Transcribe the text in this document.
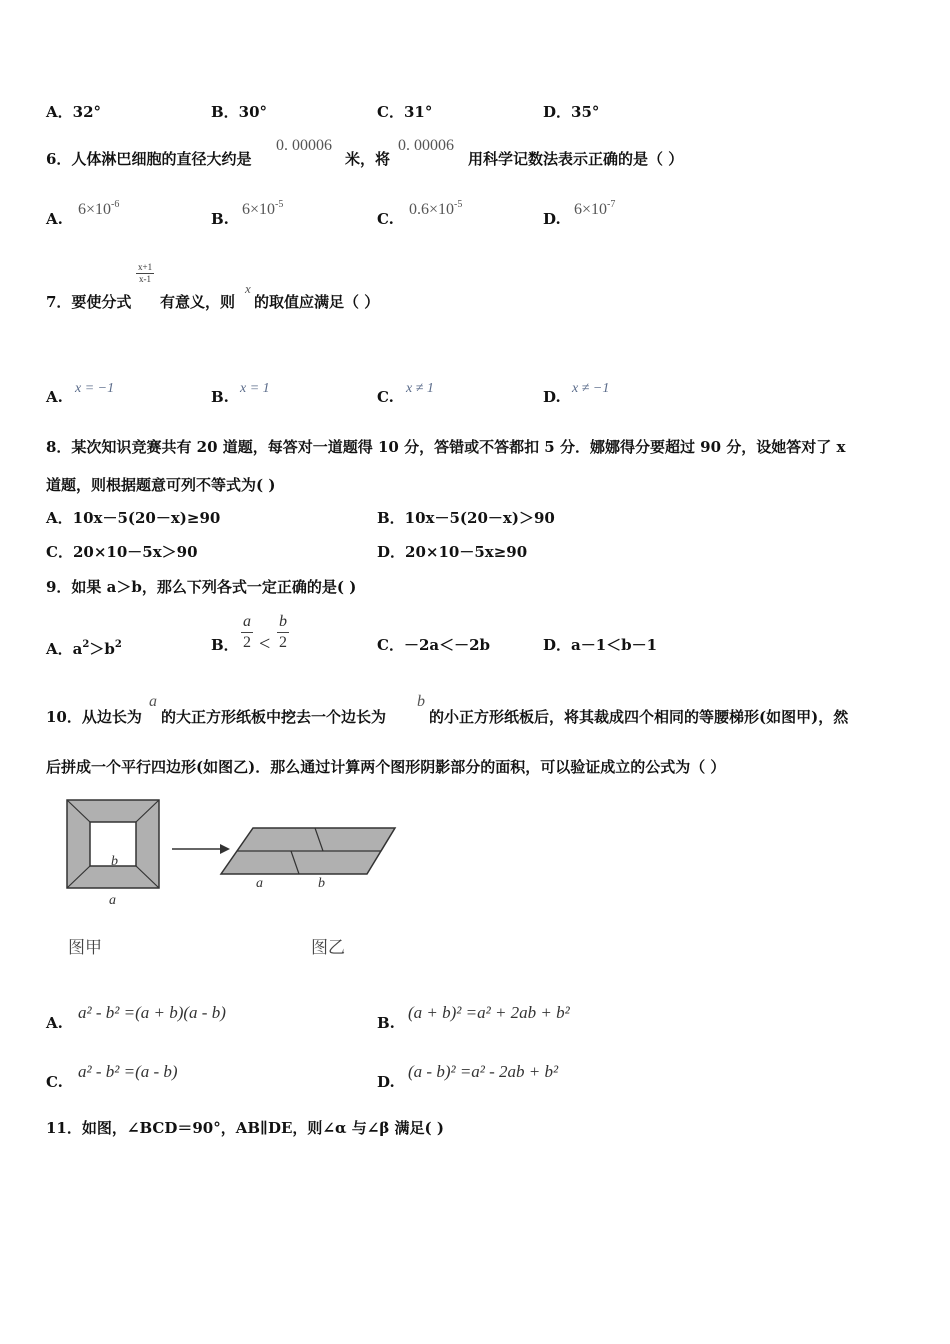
A．32°	B．30°	C．31°	D．35°
6．人体淋巴细胞的直径大约是
0. 00006
米，将
0. 00006
用科学记数法表示正确的是（ ）
A.
$6\times 10^{-6}$
B.
$6\times 10^{-5}$
C.
$0.6\times 10^{-5}$
D.
$6\times 10^{-7}$
7．要使分式
$\frac{x+1}{x-1}$
有意义，则
x
的取值应满足（ ）
A. x = −1	B. x = 1	C. x ≠ 1	D. x ≠ −1
8．某次知识竞赛共有 20 道题，每答对一道题得 10 分，答错或不答都扣 5 分．娜娜得分要超过 90 分，设她答对了 x
道题，则根据题意可列不等式为( )
A．10x－5(20－x)≥90	B．10x－5(20－x)＞90
C．20×10－5x＞90	D．20×10－5x≥90
9．如果 a＞b，那么下列各式一定正确的是( )
A．$a^2>b^2$	B． $\frac{a}{2} < \frac{b}{2}$	C．－2a＜－2b	D．a－1＜b－1
10．从边长为
a
的大正方形纸板中挖去一个边长为
b
的小正方形纸板后，将其裁成四个相同的等腰梯形(如图甲)，然
后拼成一个平行四边形(如图乙)．那么通过计算两个图形阴影部分的面积，可以验证成立的公式为（ ）
b
a
a	b
图甲	图乙
A.
a² - b² =(a + b)(a - b)
B.
(a + b)² =a² + 2ab + b²
C.
a² - b² =(a - b)
D.
(a - b)² =a² - 2ab + b²
11．如图，∠BCD＝90°，AB∥DE，则∠α 与∠β 满足( )
